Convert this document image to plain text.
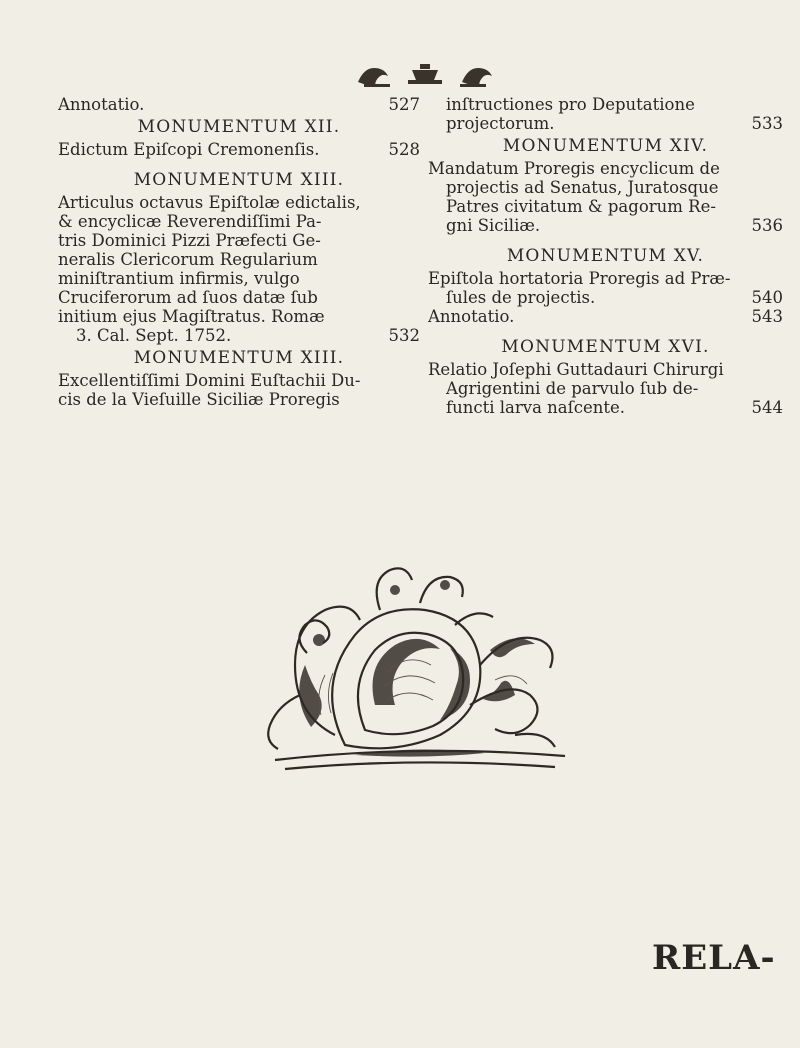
Annotatio.	527
MONUMENTUM XII.
Edictum Epiſcopi Cremonenſis.	528
MONUMENTUM XIII.
Articulus octavus Epiſtolæ edictalis,
& encyclicæ Reverendiſſimi Pa-
tris Dominici Pizzi Præfecti Ge-
neralis Clericorum Regularium
miniſtrantium infirmis, vulgo
Cruciferorum ad ſuos datæ ſub
initium ejus Magiſtratus. Romæ
3. Cal. Sept. 1752.	532
MONUMENTUM XIII.
Excellentiſſimi Domini Euſtachii Du-
cis de la Vieſuille Siciliæ Proregis
inſtructiones pro Deputatione
projectorum.	533
MONUMENTUM XIV.
Mandatum Proregis encyclicum de
projectis ad Senatus, Juratosque
Patres civitatum & pagorum Re-
gni Siciliæ.	536
MONUMENTUM XV.
Epiſtola hortatoria Proregis ad Præ-
ſules de projectis.	540
Annotatio.	543
MONUMENTUM XVI.
Relatio Joſephi Guttadauri Chirurgi
Agrigentini de parvulo ſub de-
functi larva naſcente.	544
RELA-
